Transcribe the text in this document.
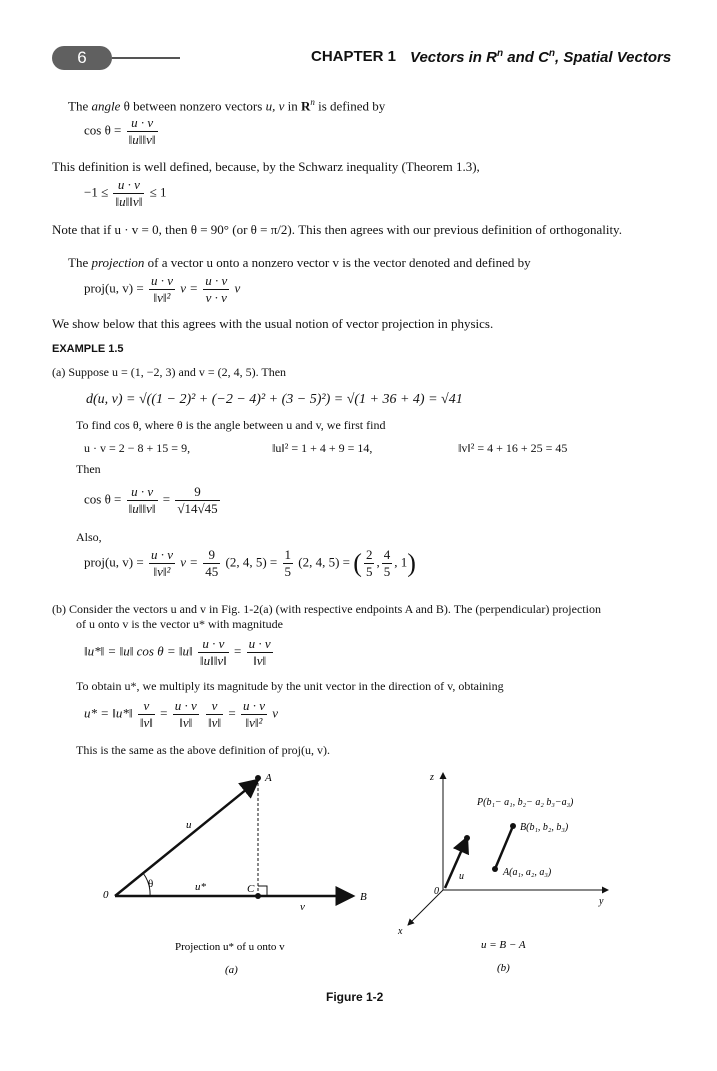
6	CHAPTER 1 Vectors in $R^n$ and $C^n$, Spatial Vectors
The angle θ between nonzero vectors u, v in $R^n$ is defined by
$\cos \theta = \frac{u \cdot v}{‖u‖‖v‖}$
This definition is well defined, because, by the Schwarz inequality (Theorem 1.3),
$-1 \le \frac{u \cdot v}{‖u‖‖v‖} \le 1$
Note that if u · v = 0, then θ = 90° (or θ = π/2). This then agrees with our previous definition of orthogonality.
The projection of a vector u onto a nonzero vector v is the vector denoted and defined by
proj(u, $v) = \frac{u \cdot v}{\text{‖v‖²}}$ $v = \frac{u \cdot v}{v \cdot v}$ v
We show below that this agrees with the usual notion of vector projection in physics.
EXAMPLE 1.5
(a) Suppose u = (1, −2, 3) and v = (2, 4, 5). Then
d(u, v) = √((1 − 2)² + (−2 − 4)² + (3 − 5)²) = √(1 + 36 + 4) = √41
To find cos θ, where θ is the angle between u and v, we first find
u · v = 2 − 8 + 15 = 9,	‖u‖² = 1 + 4 + 9 = 14,	‖v‖² = 4 + 16 + 25 = 45
Then
$\cos \theta = \frac{u \cdot v}{‖u‖‖v‖} = \frac{9}{√14√45}$
Also,
proj(u, $v) = \frac{u \cdot v}{\text{‖v‖²}}$ $v = \frac{9}{45} (2$, 4, $5) = \frac{1}{5} (2$, 4, 5) = ( $\frac{2}{5}$ , $\frac{4}{5}$ , 1)
(b) Consider the vectors u and v in Fig. 1-2(a) (with respective endpoints A and B). The (perpendicular) projection
of u onto v is the vector u* with magnitude
‖u*‖ = ‖u‖ cos θ = ‖u‖ $\frac{u \cdot v}{‖u‖‖v‖} = \frac{u \cdot v}{‖v‖}$
To obtain u*, we multiply its magnitude by the unit vector in the direction of v, obtaining
u* = ‖u*‖ $\frac{v}{‖v‖} = \frac{u \cdot v}{‖v‖}$
$\frac{v}{‖v‖} = \frac{u \cdot v}{\text{‖v‖²}}$ v
This is the same as the above definition of proj(u, v).
A
u
θ	u*	C
0
v
B
Projection u* of u onto v
(a)
z
P(b₁− a₁, b₂− a₂ b₃−a₃)
B(b₁, b₂, b₃)
u	A(a₁, a₂, a₃)
0
y
x
u = B − A
(b)
Figure 1-2
